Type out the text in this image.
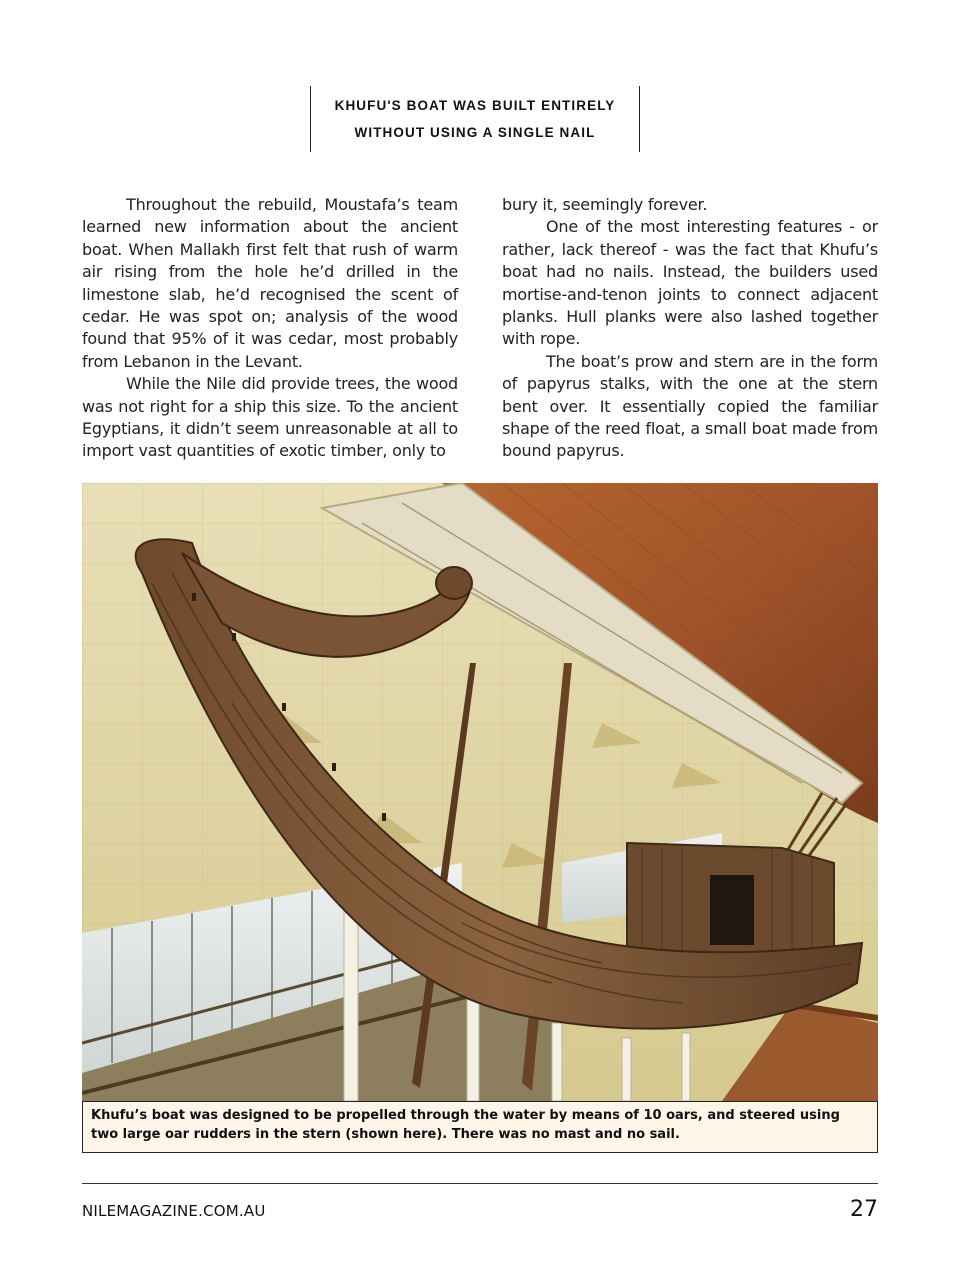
KHUFU'S BOAT WAS BUILT ENTIRELY
WITHOUT USING A SINGLE NAIL

Throughout the rebuild, Moustafa’s team learned new information about the ancient boat. When Mallakh first felt that rush of warm air rising from the hole he’d drilled in the limestone slab, he’d recognised the scent of cedar. He was spot on; analysis of the wood found that 95% of it was cedar, most probably from Lebanon in the Levant.

While the Nile did provide trees, the wood was not right for a ship this size. To the ancient Egyptians, it didn’t seem unreasonable at all to import vast quantities of exotic timber, only to

bury it, seemingly forever.

One of the most interesting features - or rather, lack thereof - was the fact that Khufu’s boat had no nails. Instead, the builders used mortise-and-tenon joints to connect adjacent planks. Hull planks were also lashed together with rope.

The boat’s prow and stern are in the form of papyrus stalks, with the one at the stern bent over. It essentially copied the familiar shape of the reed float, a small boat made from bound papyrus.

Khufu’s boat was designed to be propelled through the water by means of 10 oars, and steered using two large oar rudders in the stern (shown here). There was no mast and no sail.
NILEMAGAZINE.COM.AU	27
